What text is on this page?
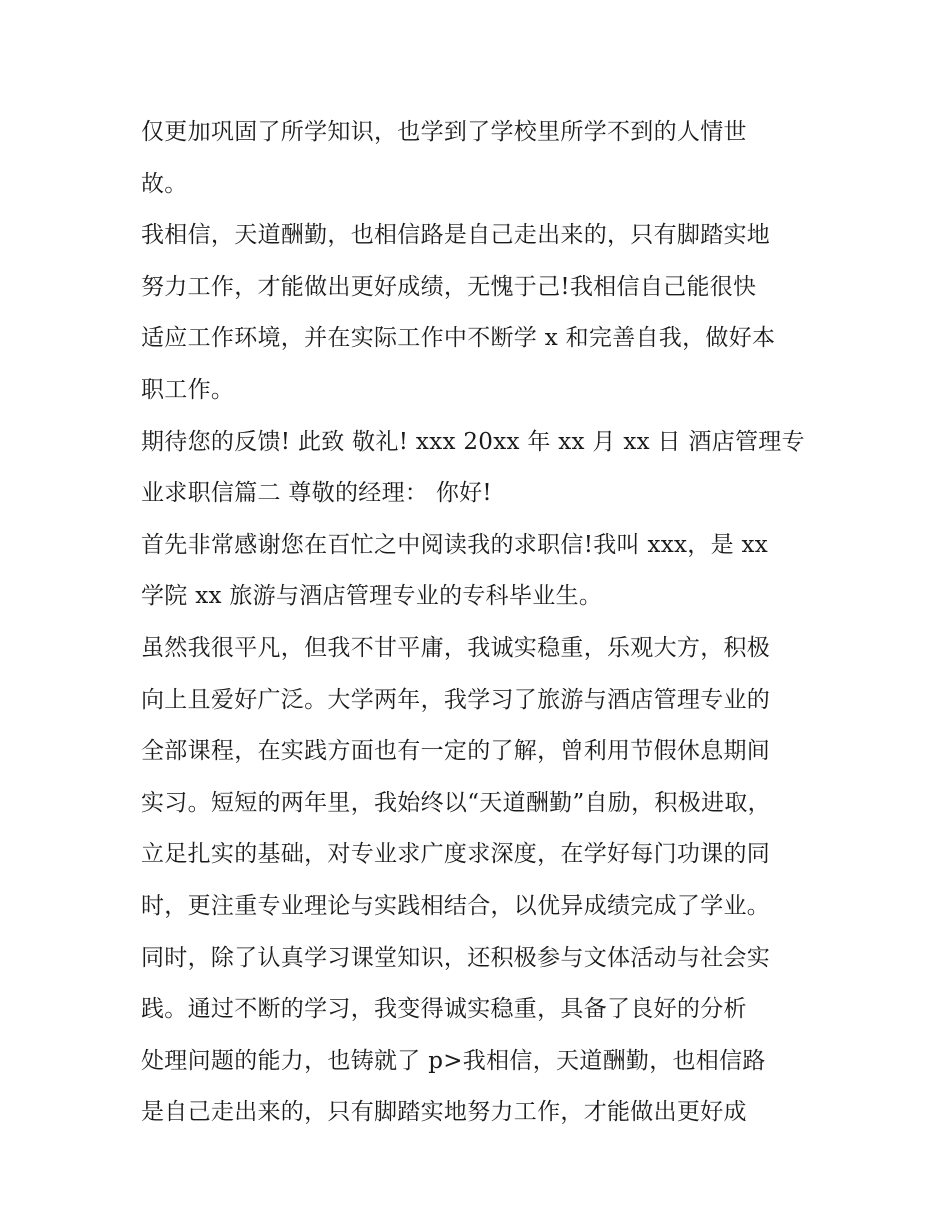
仅更加巩固了所学知识，也学到了学校里所学不到的人情世
故。
我相信，天道酬勤，也相信路是自己走出来的，只有脚踏实地
努力工作，才能做出更好成绩，无愧于己!我相信自己能很快
适应工作环境，并在实际工作中不断学 x 和完善自我，做好本
职工作。
期待您的反馈! 此致 敬礼! xxx 20xx 年 xx 月 xx 日 酒店管理专
业求职信篇二 尊敬的经理： 你好!
首先非常感谢您在百忙之中阅读我的求职信!我叫 xxx，是 xx
学院 xx 旅游与酒店管理专业的专科毕业生。
虽然我很平凡，但我不甘平庸，我诚实稳重，乐观大方，积极
向上且爱好广泛。大学两年，我学习了旅游与酒店管理专业的
全部课程，在实践方面也有一定的了解，曾利用节假休息期间
实习。短短的两年里，我始终以“天道酬勤”自励，积极进取，
立足扎实的基础，对专业求广度求深度，在学好每门功课的同
时，更注重专业理论与实践相结合，以优异成绩完成了学业。
同时，除了认真学习课堂知识，还积极参与文体活动与社会实
践。通过不断的学习，我变得诚实稳重，具备了良好的分析
处理问题的能力，也铸就了 p>我相信，天道酬勤，也相信路
是自己走出来的，只有脚踏实地努力工作，才能做出更好成
